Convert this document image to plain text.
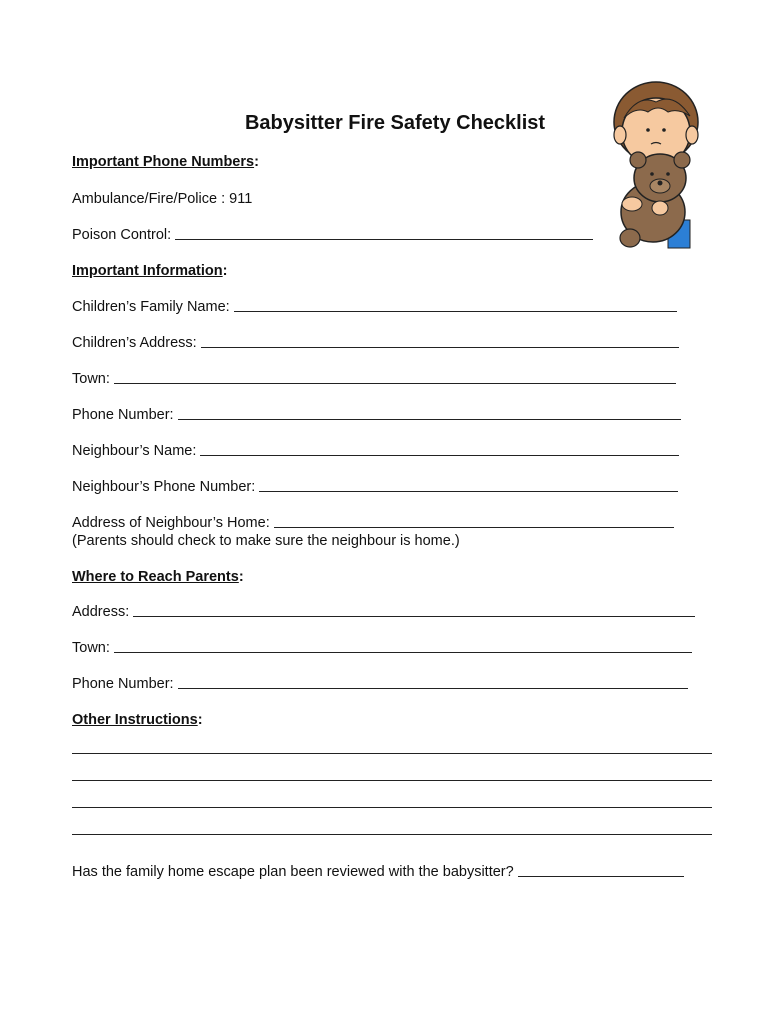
Babysitter Fire Safety Checklist
Important Phone Numbers:
Ambulance/Fire/Police : 911
Poison Control:
Important Information:
Children’s Family Name:
Children’s Address:
Town:
Phone Number:
Neighbour’s Name:
Neighbour’s Phone Number:
Address of Neighbour’s Home:
(Parents should check to make sure the neighbour is home.)
Where to Reach Parents:
Address:
Town:
Phone Number:
Other Instructions:
Has the family home escape plan been reviewed with the babysitter?
